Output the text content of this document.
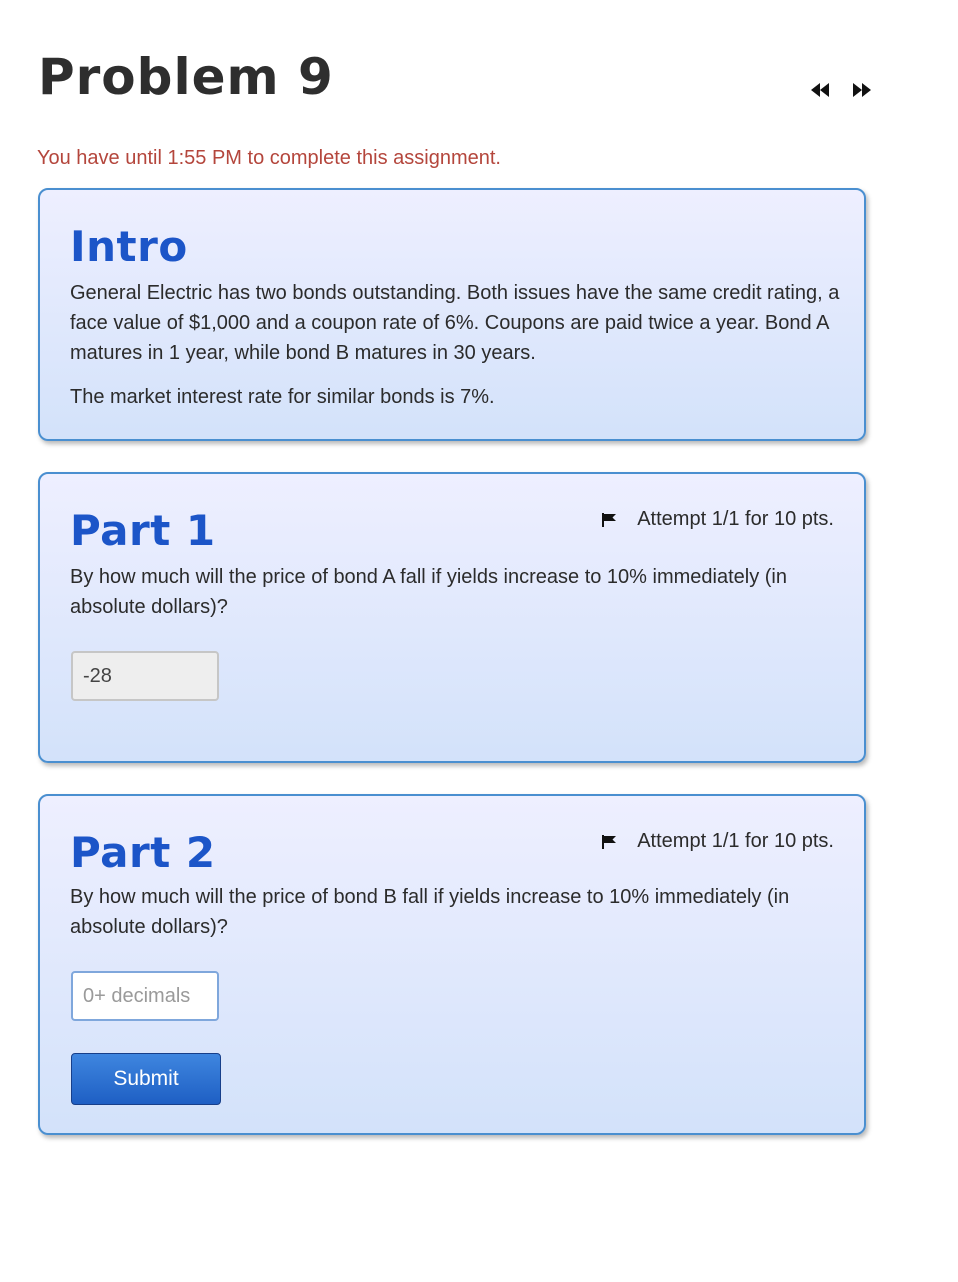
Problem 9

You have until 1:55 PM to complete this assignment.

Intro

General Electric has two bonds outstanding. Both issues have the same credit rating, a face value of $1,000 and a coupon rate of 6%. Coupons are paid twice a year. Bond A matures in 1 year, while bond B matures in 30 years.

The market interest rate for similar bonds is 7%.

Part 1	Attempt 1/1 for 10 pts.

By how much will the price of bond A fall if yields increase to 10% immediately (in absolute dollars)?

-28
Part 2	Attempt 1/1 for 10 pts.

By how much will the price of bond B fall if yields increase to 10% immediately (in absolute dollars)?

0+ decimals
Submit
